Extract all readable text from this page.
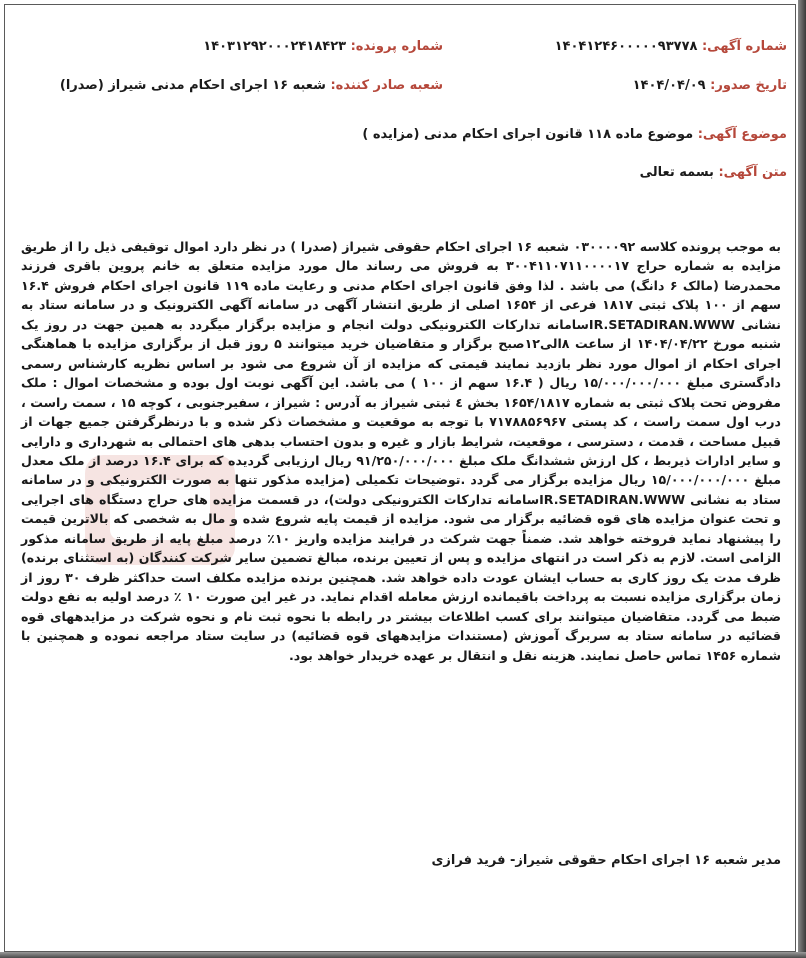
شماره آگهی: ۱۴۰۴۱۲۴۶۰۰۰۰۰۹۳۷۷۸
شماره پرونده: ۱۴۰۳۱۲۹۲۰۰۰۲۴۱۸۴۲۳
تاریخ صدور: ۱۴۰۴/۰۴/۰۹
شعبه صادر کننده: شعبه ۱۶ اجرای احکام مدنی شیراز (صدرا)
موضوع آگهی: موضوع ماده ۱۱۸ قانون اجرای احکام مدنی (مزایده )
متن آگهی: بسمه تعالی
به موجب پرونده کلاسه ۰۳۰۰۰۰۹۲ شعبه ۱۶ اجرای احکام حقوقی شیراز (صدرا ) در نظر دارد اموال توقیفی ذیل را از طریق مزایده به شماره حراج ۳۰۰۴۱۱۰۷۱۱۰۰۰۰۱۷ به فروش می رساند مال مورد مزایده متعلق به خانم پروین باقری فرزند محمدرضا (مالک ۶ دانگ) می باشد . لذا وفق قانون اجرای احکام مدنی و رعایت ماده ۱۱۹ قانون اجرای احکام فروش ۱۶.۴ سهم از ۱۰۰ پلاک ثبتی ۱۸۱۷ فرعی از ۱۶۵۴ اصلی از طریق انتشار آگهی در سامانه آگهی الکترونیک و در سامانه ستاد به نشانی IR.SETADIRAN.WWWسامانه تدارکات الکترونیکی دولت انجام و مزایده برگزار میگردد به همین جهت در روز یک شنبه مورخ ۱۴۰۴/۰۴/۲۲ از ساعت ۸الی۱۲صبح برگزار و متقاضیان خرید میتوانند ۵ روز قبل از برگزاری مزایده با هماهنگی اجرای احکام از اموال مورد نظر بازدید نمایند قیمتی که مزایده از آن شروع می شود بر اساس نظریه کارشناس رسمی دادگستری مبلغ ۱۵/۰۰۰/۰۰۰/۰۰۰ ریال ( ۱۶.۴ سهم از ۱۰۰ ) می باشد. این آگهی نوبت اول بوده و مشخصات اموال : ملک مفروض تحت پلاک ثبتی به شماره ۱۶۵۴/۱۸۱۷ بخش ٤ ثبتی شیراز به آدرس : شیراز ، سفیرجنوبی ، کوچه ۱۵ ، سمت راست ، درب اول سمت راست ، کد پستی ۷۱۷۸۸۵۶۹۶۷ با توجه به موقعیت و مشخصات ذکر شده و با درنظرگرفتن جمیع جهات از قبیل مساحت ، قدمت ، دسترسی ، موقعیت، شرایط بازار و غیره و بدون احتساب بدهی های احتمالی به شهرداری و دارایی و سایر ادارات ذیربط ، کل ارزش ششدانگ ملک مبلغ ۹۱/۲۵۰/۰۰۰/۰۰۰ ریال ارزیابی گردیده که برای ۱۶.۴ درصد از ملک معدل مبلغ ۱۵/۰۰۰/۰۰۰/۰۰۰ ریال مزایده برگزار می گردد .توضیحات تکمیلی (مزایده مذکور تنها به صورت الکترونیکی و در سامانه ستاد به نشانی IR.SETADIRAN.WWWسامانه تدارکات الکترونیکی دولت)، در قسمت مزایده های حراج دستگاه های اجرایی و تحت عنوان مزایده های قوه قضائیه برگزار می شود. مزایده از قیمت پایه شروع شده و مال به شخصی که بالاترین قیمت را پیشنهاد نماید فروخته خواهد شد. ضمناً جهت شرکت در فرایند مزایده واریز ۱۰٪ درصد مبلغ پایه از طریق سامانه مذکور الزامی است. لازم به ذکر است در انتهای مزایده و پس از تعیین برنده، مبالغ تضمین سایر شرکت کنندگان (به استثنای برنده) ظرف مدت یک روز کاری به حساب ایشان عودت داده خواهد شد. همچنین برنده مزایده مکلف است حداکثر ظرف ۳۰ روز از زمان برگزاری مزایده نسبت به پرداخت باقیمانده ارزش معامله اقدام نماید. در غیر این صورت ۱۰ ٪ درصد اولیه به نفع دولت ضبط می گردد. متقاضیان میتوانند برای کسب اطلاعات بیشتر در رابطه با نحوه ثبت نام و نحوه شرکت در مزایدههای قوه قضائیه در سامانه ستاد به سربرگ آموزش (مستندات مزایدههای قوه قضائیه) در سایت ستاد مراجعه نموده و همچنین با شماره ۱۴۵۶ تماس حاصل نمایند. هزینه نقل و انتقال بر عهده خریدار خواهد بود.
مدیر شعبه ۱۶ اجرای احکام حقوقی شیراز- فرید فرازی
